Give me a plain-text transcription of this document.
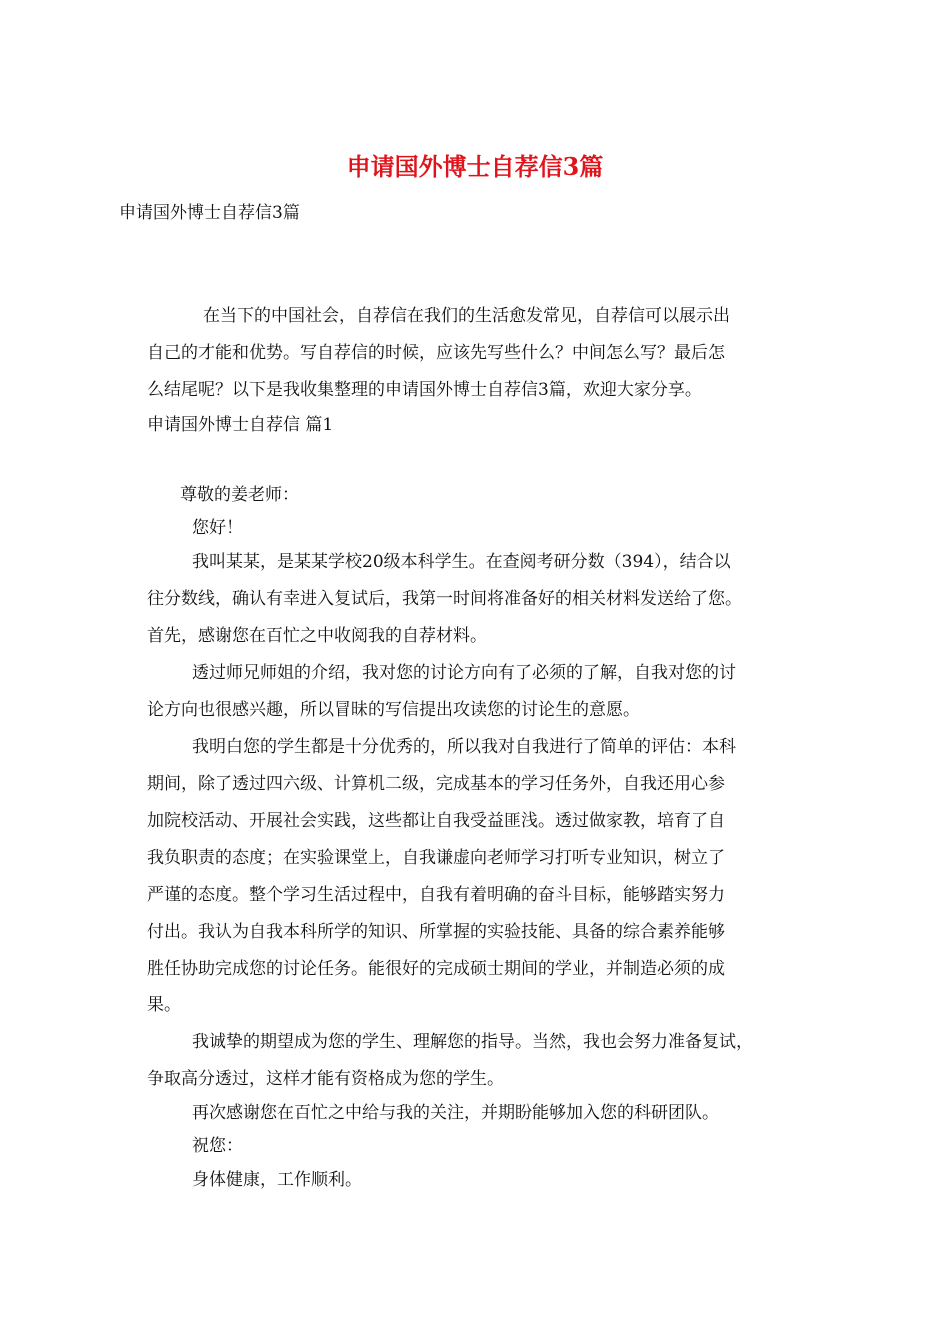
申请国外博士自荐信3篇
申请国外博士自荐信3篇
在当下的中国社会，自荐信在我们的生活愈发常见，自荐信可以展示出
自己的才能和优势。写自荐信的时候，应该先写些什么？中间怎么写？最后怎
么结尾呢？以下是我收集整理的申请国外博士自荐信3篇，欢迎大家分享。
申请国外博士自荐信 篇1
尊敬的姜老师：
您好！
我叫某某，是某某学校20级本科学生。在查阅考研分数（394），结合以
往分数线，确认有幸进入复试后，我第一时间将准备好的相关材料发送给了您。
首先，感谢您在百忙之中收阅我的自荐材料。
透过师兄师姐的介绍，我对您的讨论方向有了必须的了解，自我对您的讨
论方向也很感兴趣，所以冒昧的写信提出攻读您的讨论生的意愿。
我明白您的学生都是十分优秀的，所以我对自我进行了简单的评估：本科
期间，除了透过四六级、计算机二级，完成基本的学习任务外，自我还用心参
加院校活动、开展社会实践，这些都让自我受益匪浅。透过做家教，培育了自
我负职责的态度；在实验课堂上，自我谦虚向老师学习打听专业知识，树立了
严谨的态度。整个学习生活过程中，自我有着明确的奋斗目标，能够踏实努力
付出。我认为自我本科所学的知识、所掌握的实验技能、具备的综合素养能够
胜任协助完成您的讨论任务。能很好的完成硕士期间的学业，并制造必须的成
果。
我诚挚的期望成为您的学生、理解您的指导。当然，我也会努力准备复试，
争取高分透过，这样才能有资格成为您的学生。
再次感谢您在百忙之中给与我的关注，并期盼能够加入您的科研团队。
祝您：
身体健康，工作顺利。
